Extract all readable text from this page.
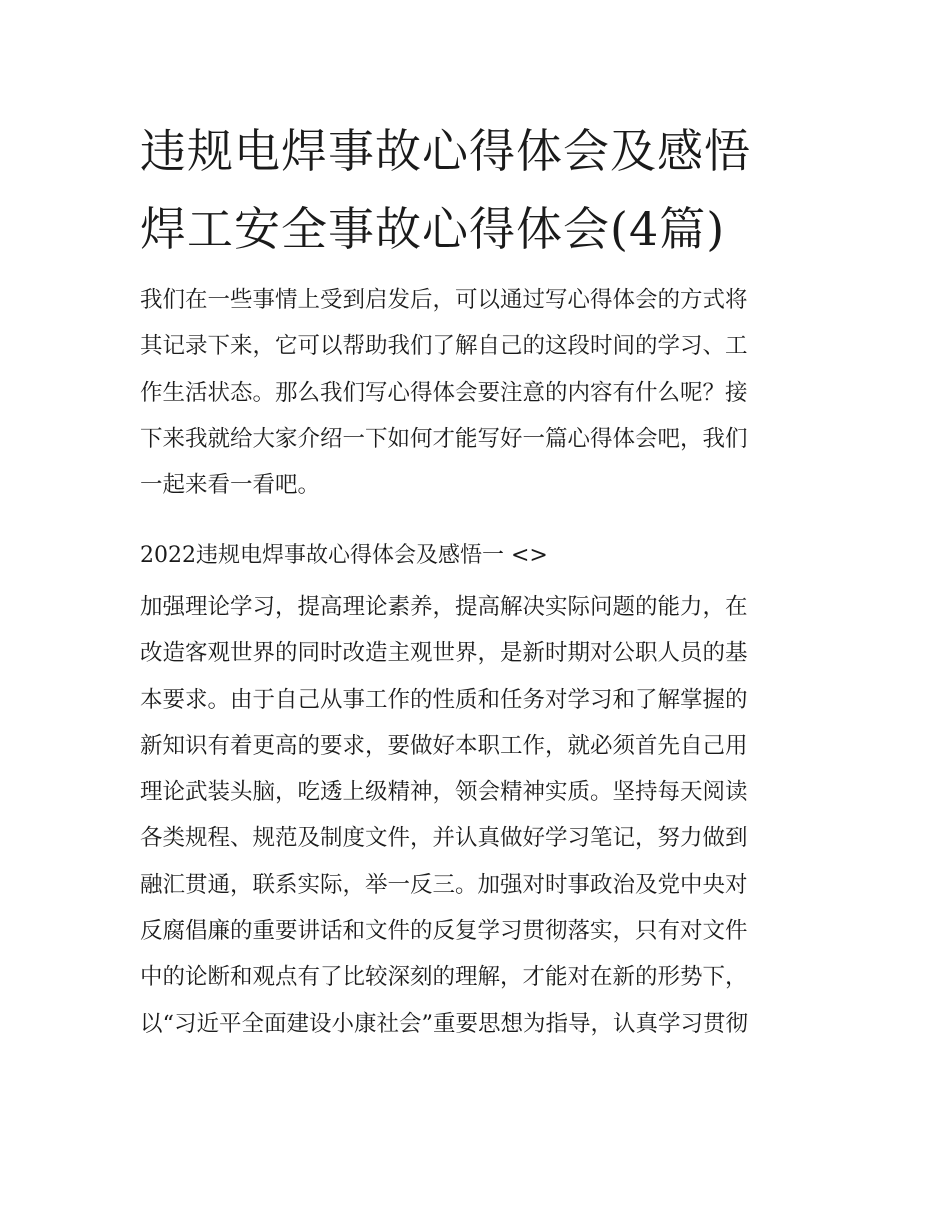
违规电焊事故心得体会及感悟
焊工安全事故心得体会(4篇)

我们在一些事情上受到启发后，可以通过写心得体会的方式将
其记录下来，它可以帮助我们了解自己的这段时间的学习、工
作生活状态。那么我们写心得体会要注意的内容有什么呢？接
下来我就给大家介绍一下如何才能写好一篇心得体会吧，我们
一起来看一看吧。

2022违规电焊事故心得体会及感悟一 <>

加强理论学习，提高理论素养，提高解决实际问题的能力，在
改造客观世界的同时改造主观世界，是新时期对公职人员的基
本要求。由于自己从事工作的性质和任务对学习和了解掌握的
新知识有着更高的要求，要做好本职工作，就必须首先自己用
理论武装头脑，吃透上级精神，领会精神实质。坚持每天阅读
各类规程、规范及制度文件，并认真做好学习笔记，努力做到
融汇贯通，联系实际，举一反三。加强对时事政治及党中央对
反腐倡廉的重要讲话和文件的反复学习贯彻落实，只有对文件
中的论断和观点有了比较深刻的理解，才能对在新的形势下，
以“习近平全面建设小康社会”重要思想为指导，认真学习贯彻
